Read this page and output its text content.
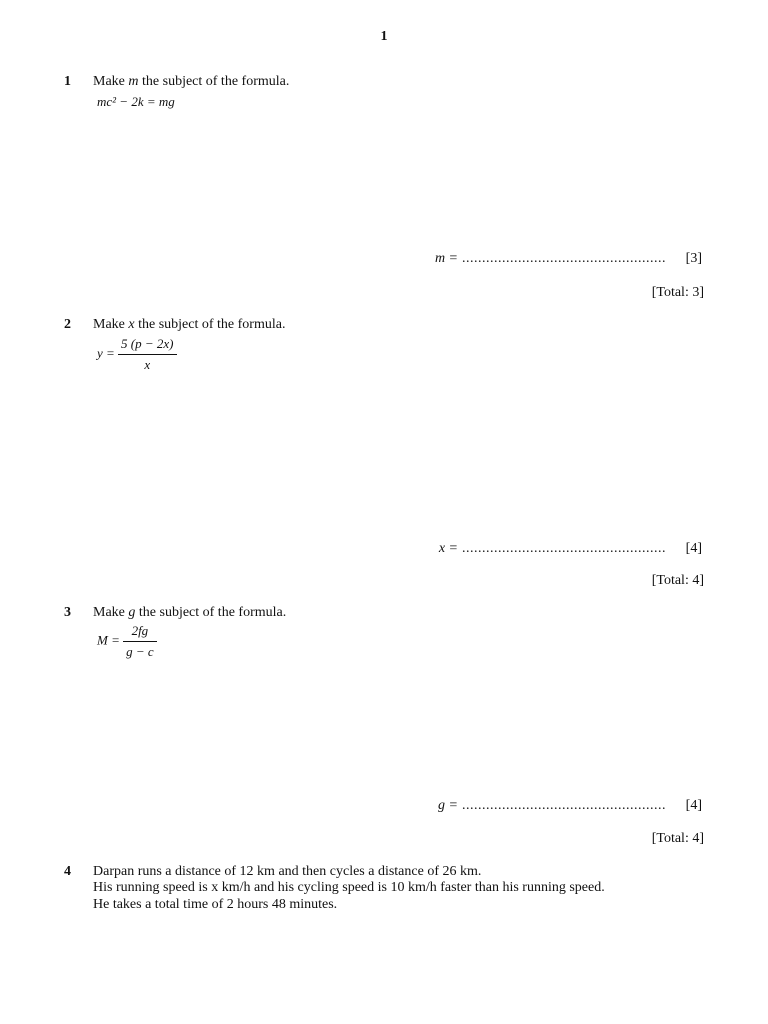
1
1 Make m the subject of the formula.
mc² − 2k = mg
m = ................................................... [3]
[Total: 3]
2 Make x the subject of the formula.
$y = \frac{5 (p - 2x)}{x}$
x = ................................................... [4]
[Total: 4]
3 Make g the subject of the formula.
$M = \frac{2fg}{g - c}$
g = ................................................... [4]
[Total: 4]
4 Darpan runs a distance of 12 km and then cycles a distance of 26 km.
His running speed is x km/h and his cycling speed is 10 km/h faster than his running speed.
He takes a total time of 2 hours 48 minutes.
